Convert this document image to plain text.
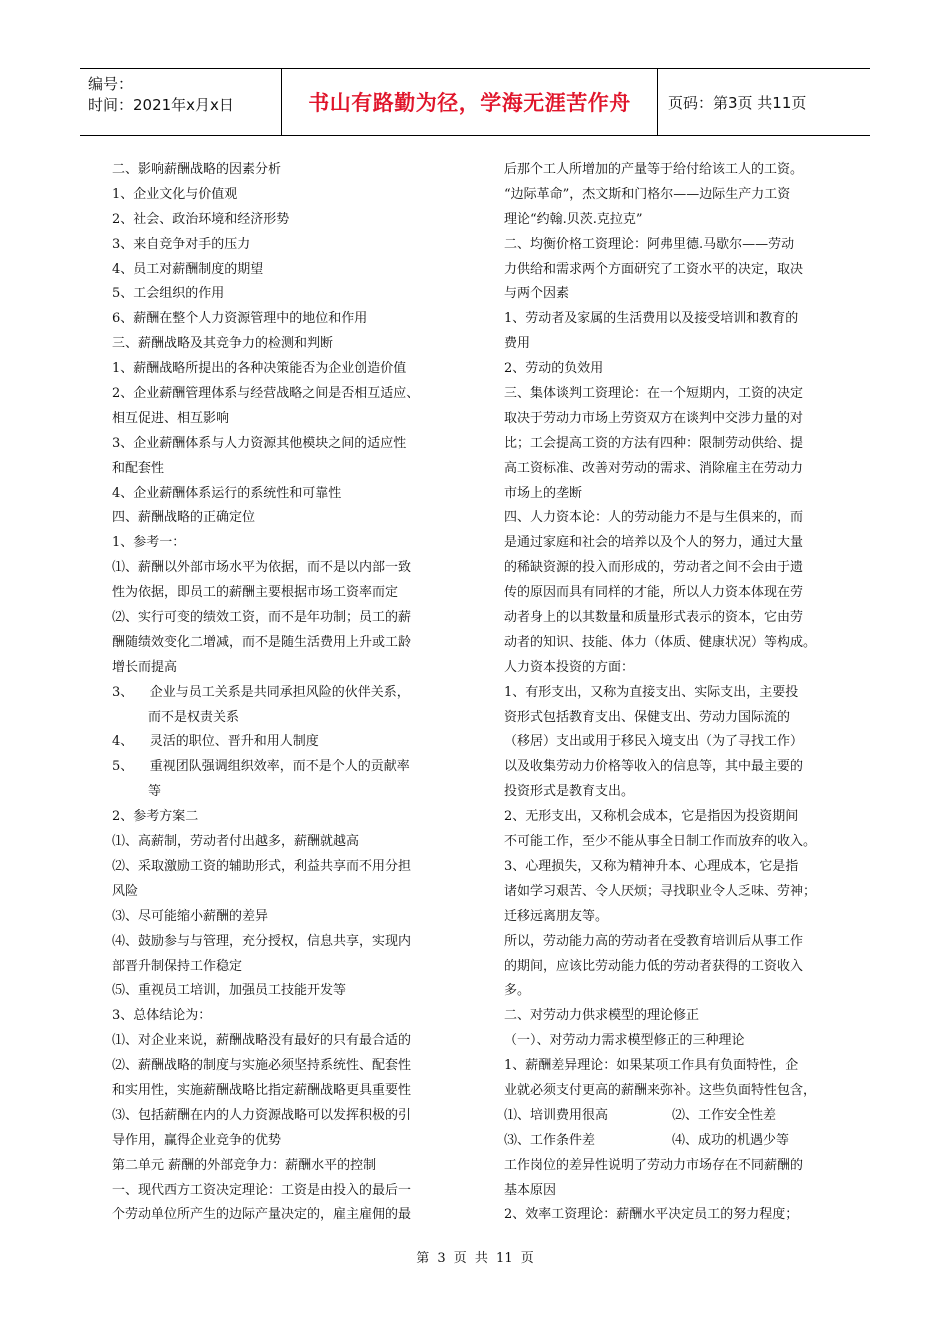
编号：
时间：2021年x月x日	书山有路勤为径，学海无涯苦作舟	页码：第3页 共11页
二、影响薪酬战略的因素分析
1、企业文化与价值观
2、社会、政治环境和经济形势
3、来自竞争对手的压力
4、员工对薪酬制度的期望
5、工会组织的作用
6、薪酬在整个人力资源管理中的地位和作用
三、薪酬战略及其竞争力的检测和判断
1、薪酬战略所提出的各种决策能否为企业创造价值
2、企业薪酬管理体系与经营战略之间是否相互适应、
相互促进、相互影响
3、企业薪酬体系与人力资源其他模块之间的适应性
和配套性
4、企业薪酬体系运行的系统性和可靠性
四、薪酬战略的正确定位
1、参考一：
⑴、薪酬以外部市场水平为依据，而不是以内部一致
性为依据，即员工的薪酬主要根据市场工资率而定
⑵、实行可变的绩效工资，而不是年功制；员工的薪
酬随绩效变化二增减，而不是随生活费用上升或工龄
增长而提高
3、    企业与员工关系是共同承担风险的伙伴关系，
而不是权责关系
4、    灵活的职位、晋升和用人制度
5、    重视团队强调组织效率，而不是个人的贡献率
等
2、参考方案二
⑴、高薪制，劳动者付出越多，薪酬就越高
⑵、采取激励工资的辅助形式，利益共享而不用分担
风险
⑶、尽可能缩小薪酬的差异
⑷、鼓励参与与管理，充分授权，信息共享，实现内
部晋升制保持工作稳定
⑸、重视员工培训，加强员工技能开发等
3、总体结论为：
⑴、对企业来说，薪酬战略没有最好的只有最合适的
⑵、薪酬战略的制度与实施必须坚持系统性、配套性
和实用性，实施薪酬战略比指定薪酬战略更具重要性
⑶、包括薪酬在内的人力资源战略可以发挥积极的引
导作用，赢得企业竞争的优势
第二单元 薪酬的外部竞争力：薪酬水平的控制
一、现代西方工资决定理论：工资是由投入的最后一
个劳动单位所产生的边际产量决定的，雇主雇佣的最
后那个工人所增加的产量等于给付给该工人的工资。
“边际革命”，杰文斯和门格尔——边际生产力工资
理论“约翰.贝茨.克拉克”
二、均衡价格工资理论：阿弗里德.马歇尔——劳动
力供给和需求两个方面研究了工资水平的决定，取决
与两个因素
1、劳动者及家属的生活费用以及接受培训和教育的
费用
2、劳动的负效用
三、集体谈判工资理论：在一个短期内，工资的决定
取决于劳动力市场上劳资双方在谈判中交涉力量的对
比；工会提高工资的方法有四种：限制劳动供给、提
高工资标准、改善对劳动的需求、消除雇主在劳动力
市场上的垄断
四、人力资本论：人的劳动能力不是与生俱来的，而
是通过家庭和社会的培养以及个人的努力，通过大量
的稀缺资源的投入而形成的，劳动者之间不会由于遗
传的原因而具有同样的才能，所以人力资本体现在劳
动者身上的以其数量和质量形式表示的资本，它由劳
动者的知识、技能、体力（体质、健康状况）等构成。
人力资本投资的方面：
1、有形支出，又称为直接支出、实际支出，主要投
资形式包括教育支出、保健支出、劳动力国际流的
（移居）支出或用于移民入境支出（为了寻找工作）
以及收集劳动力价格等收入的信息等，其中最主要的
投资形式是教育支出。
2、无形支出，又称机会成本，它是指因为投资期间
不可能工作，至少不能从事全日制工作而放弃的收入。
3、心理损失，又称为精神升本、心理成本，它是指
诸如学习艰苦、令人厌烦；寻找职业令人乏味、劳神；
迁移远离朋友等。
所以，劳动能力高的劳动者在受教育培训后从事工作
的期间，应该比劳动能力低的劳动者获得的工资收入
多。
二、对劳动力供求模型的理论修正
（一）、对劳动力需求模型修正的三种理论
1、薪酬差异理论：如果某项工作具有负面特性，企
业就必须支付更高的薪酬来弥补。这些负面特性包含，
⑴、培训费用很高	⑵、工作安全性差
⑶、工作条件差	⑷、成功的机遇少等
工作岗位的差异性说明了劳动力市场存在不同薪酬的
基本原因
2、效率工资理论：薪酬水平决定员工的努力程度；
第 3 页 共 11 页
